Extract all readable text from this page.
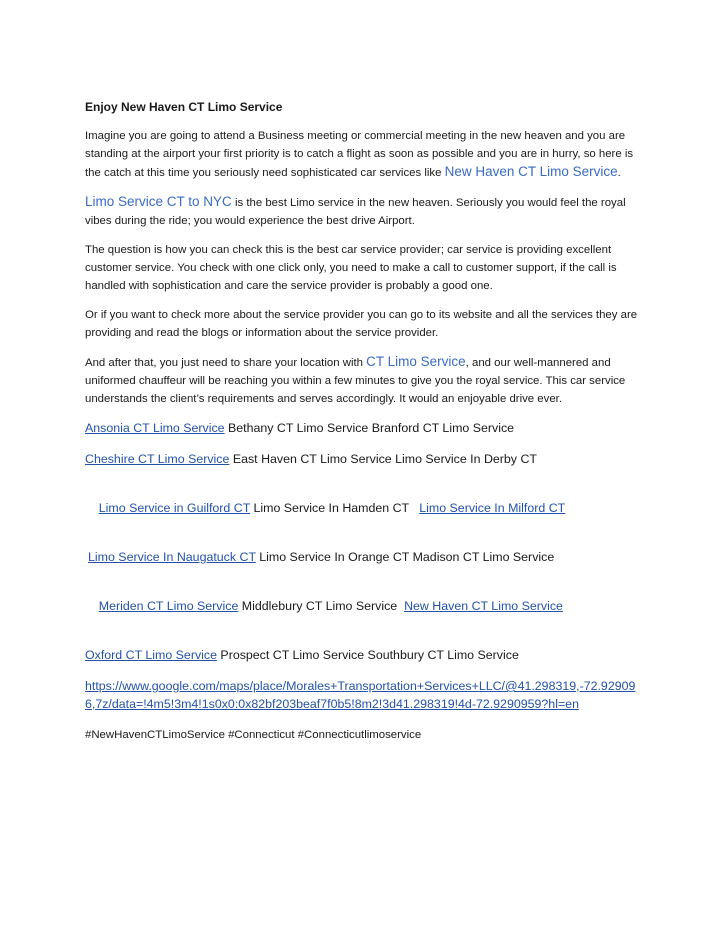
Enjoy New Haven CT Limo Service

Imagine you are going to attend a Business meeting or commercial meeting in the new heaven and you are standing at the airport your first priority is to catch a flight as soon as possible and you are in hurry, so here is the catch at this time you seriously need sophisticated car services like New Haven CT Limo Service.

Limo Service CT to NYC is the best Limo service in the new heaven. Seriously you would feel the royal vibes during the ride; you would experience the best drive Airport.

The question is how you can check this is the best car service provider; car service is providing excellent customer service. You check with one click only, you need to make a call to customer support, if the call is handled with sophistication and care the service provider is probably a good one.

Or if you want to check more about the service provider you can go to its website and all the services they are providing and read the blogs or information about the service provider.

And after that, you just need to share your location with CT Limo Service, and our well-mannered and uniformed chauffeur will be reaching you within a few minutes to give you the royal service. This car service understands the client’s requirements and serves accordingly. It would an enjoyable drive ever.

Ansonia CT Limo Service Bethany CT Limo Service Branford CT Limo Service
Cheshire CT Limo Service East Haven CT Limo Service Limo Service In Derby CT

Limo Service in Guilford CT Limo Service In Hamden CT   Limo Service In Milford CT

Limo Service In Naugatuck CT Limo Service In Orange CT Madison CT Limo Service

Meriden CT Limo Service Middlebury CT Limo Service  New Haven CT Limo Service

Oxford CT Limo Service Prospect CT Limo Service Southbury CT Limo Service
https://www.google.com/maps/place/Morales+Transportation+Services+LLC/@41.298319,-72.929096,7z/data=!4m5!3m4!1s0x0:0x82bf203beaf7f0b5!8m2!3d41.298319!4d-72.9290959?hl=en
#NewHavenCTLimoService #Connecticut #Connecticutlimoservice
